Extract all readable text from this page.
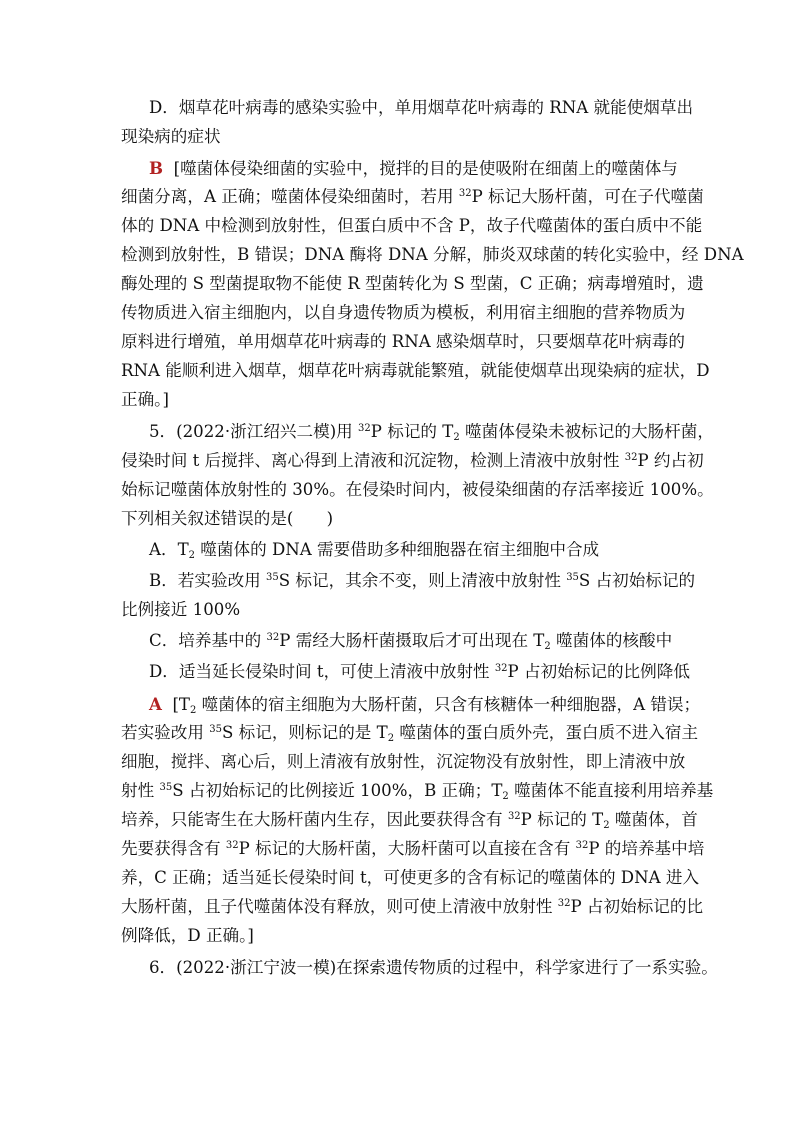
D．烟草花叶病毒的感染实验中，单用烟草花叶病毒的 RNA 就能使烟草出
现染病的症状
B [噬菌体侵染细菌的实验中，搅拌的目的是使吸附在细菌上的噬菌体与
细菌分离，A 正确；噬菌体侵染细菌时，若用 $^{32}$P 标记大肠杆菌，可在子代噬菌
体的 DNA 中检测到放射性，但蛋白质中不含 P，故子代噬菌体的蛋白质中不能
检测到放射性，B 错误；DNA 酶将 DNA 分解，肺炎双球菌的转化实验中，经 DNA
酶处理的 S 型菌提取物不能使 R 型菌转化为 S 型菌，C 正确；病毒增殖时，遗
传物质进入宿主细胞内，以自身遗传物质为模板，利用宿主细胞的营养物质为
原料进行增殖，单用烟草花叶病毒的 RNA 感染烟草时，只要烟草花叶病毒的
RNA 能顺利进入烟草，烟草花叶病毒就能繁殖，就能使烟草出现染病的症状，D
正确。]
5．(2022·浙江绍兴二模)用 $^{32}$P 标记的 $T_2$ 噬菌体侵染未被标记的大肠杆菌，
侵染时间 t 后搅拌、离心得到上清液和沉淀物，检测上清液中放射性 $^{32}$P 约占初
始标记噬菌体放射性的 30%。在侵染时间内，被侵染细菌的存活率接近 100%。
下列相关叙述错误的是(　　)
A．$T_2$ 噬菌体的 DNA 需要借助多种细胞器在宿主细胞中合成
B．若实验改用 $^{35}$S 标记，其余不变，则上清液中放射性 $^{35}$S 占初始标记的
比例接近 100%
C．培养基中的 $^{32}$P 需经大肠杆菌摄取后才可出现在 $T_2$ 噬菌体的核酸中
D．适当延长侵染时间 t，可使上清液中放射性 $^{32}$P 占初始标记的比例降低
A [$T_2$ 噬菌体的宿主细胞为大肠杆菌，只含有核糖体一种细胞器，A 错误；
若实验改用 $^{35}$S 标记，则标记的是 $T_2$ 噬菌体的蛋白质外壳，蛋白质不进入宿主
细胞，搅拌、离心后，则上清液有放射性，沉淀物没有放射性，即上清液中放
射性 $^{35}$S 占初始标记的比例接近 100%，B 正确；$T_2$ 噬菌体不能直接利用培养基
培养，只能寄生在大肠杆菌内生存，因此要获得含有 $^{32}$P 标记的 $T_2$ 噬菌体，首
先要获得含有 $^{32}$P 标记的大肠杆菌，大肠杆菌可以直接在含有 $^{32}$P 的培养基中培
养，C 正确；适当延长侵染时间 t，可使更多的含有标记的噬菌体的 DNA 进入
大肠杆菌，且子代噬菌体没有释放，则可使上清液中放射性 $^{32}$P 占初始标记的比
例降低，D 正确。]
6．(2022·浙江宁波一模)在探索遗传物质的过程中，科学家进行了一系实验。
